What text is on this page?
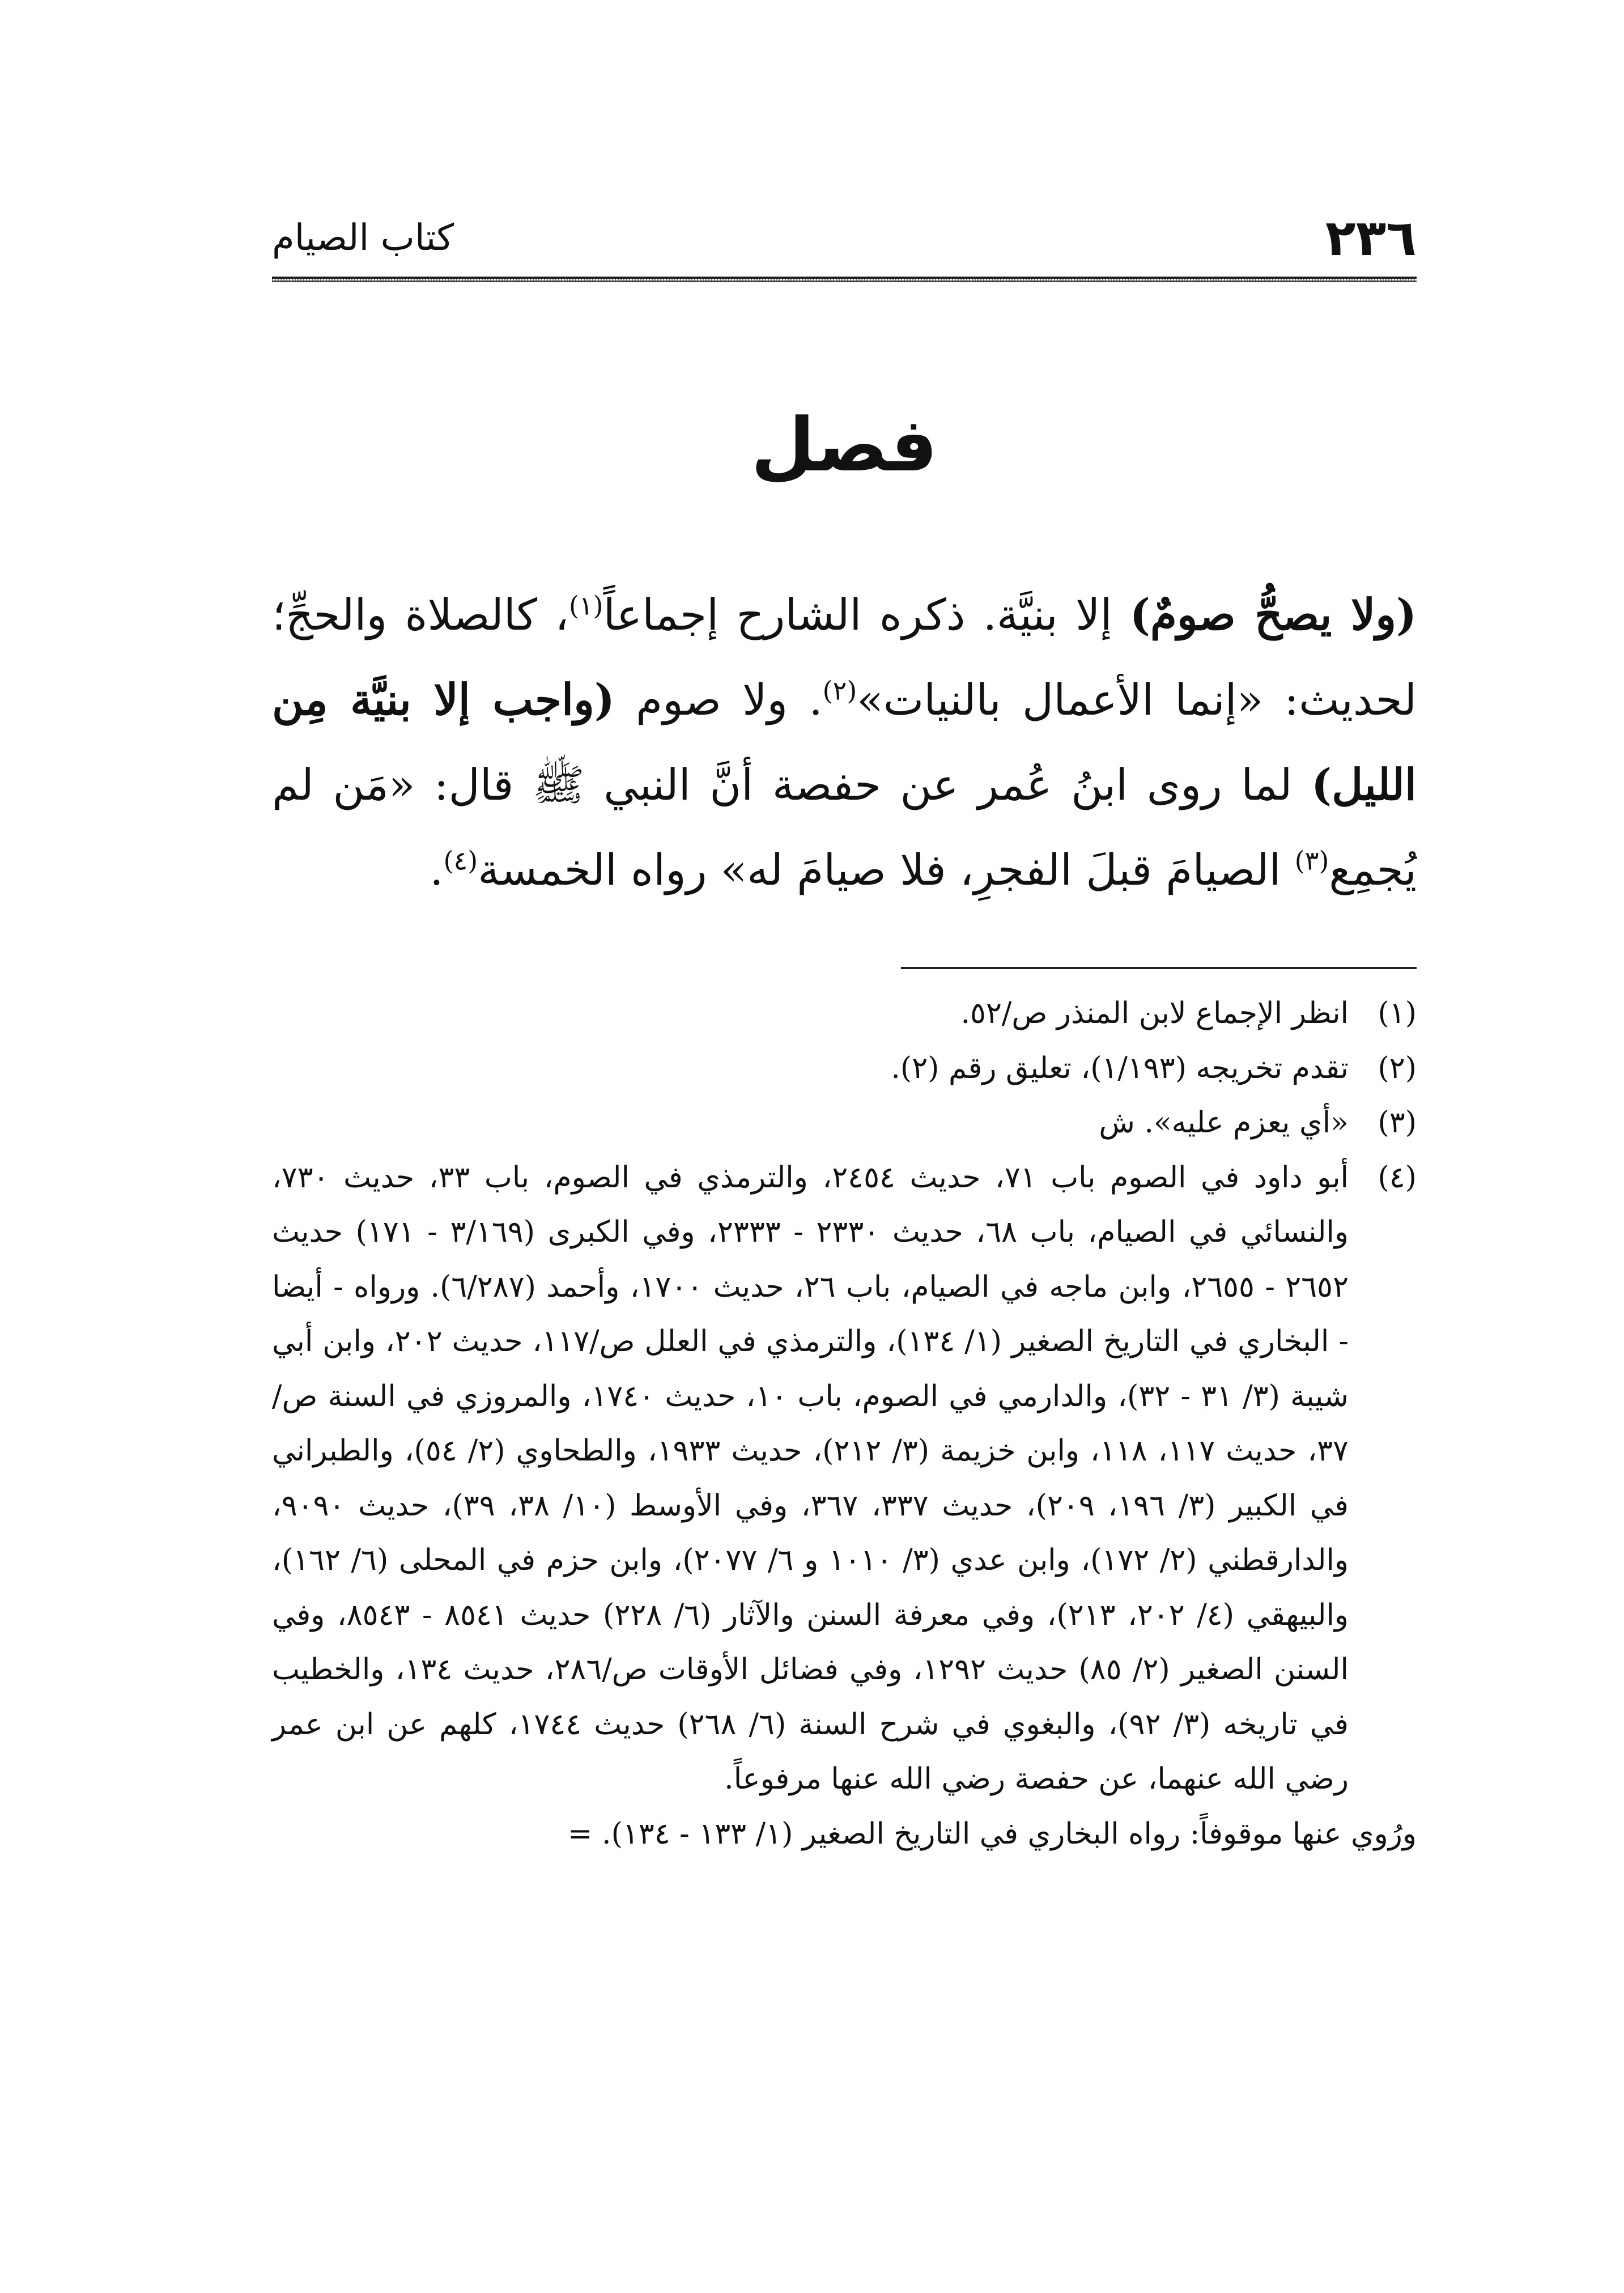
٢٣٦
كتاب الصيام
فصل
(ولا يصحُّ صومٌ) إلا بنيَّة. ذكره الشارح إجماعاً$^{(١)}$، كالصلاة والحجِّ؛ لحديث: «إنما الأعمال بالنيات»$^{(٢)}$. ولا صوم (واجب إلا بنيَّة مِن الليل) لما روى ابنُ عُمر عن حفصة أنَّ النبي ﷺ قال: «مَن لم يُجمِع$^{(٣)}$ الصيامَ قبلَ الفجرِ، فلا صيامَ له» رواه الخمسة$^{(٤)}$.
(١)
انظر الإجماع لابن المنذر ص/٥٢.
(٢)
تقدم تخريجه (١/١٩٣)، تعليق رقم (٢).
(٣)
«أي يعزم عليه». ش
(٤)
أبو داود في الصوم باب ٧١، حديث ٢٤٥٤، والترمذي في الصوم، باب ٣٣، حديث ٧٣٠، والنسائي في الصيام، باب ٦٨، حديث ٢٣٣٠ - ٢٣٣٣، وفي الكبرى (٣/١٦٩ - ١٧١) حديث ٢٦٥٢ - ٢٦٥٥، وابن ماجه في الصيام، باب ٢٦، حديث ١٧٠٠، وأحمد (٦/٢٨٧). ورواه - أيضا - البخاري في التاريخ الصغير (١/ ١٣٤)، والترمذي في العلل ص/١١٧، حديث ٢٠٢، وابن أبي شيبة (٣/ ٣١ - ٣٢)، والدارمي في الصوم، باب ١٠، حديث ١٧٤٠، والمروزي في السنة ص/٣٧، حديث ١١٧، ١١٨، وابن خزيمة (٣/ ٢١٢)، حديث ١٩٣٣، والطحاوي (٢/ ٥٤)، والطبراني في الكبير (٣/ ١٩٦، ٢٠٩)، حديث ٣٣٧، ٣٦٧، وفي الأوسط (١٠/ ٣٨، ٣٩)، حديث ٩٠٩٠، والدارقطني (٢/ ١٧٢)، وابن عدي (٣/ ١٠١٠ و ٦/ ٢٠٧٧)، وابن حزم في المحلى (٦/ ١٦٢)، والبيهقي (٤/ ٢٠٢، ٢١٣)، وفي معرفة السنن والآثار (٦/ ٢٢٨) حديث ٨٥٤١ - ٨٥٤٣، وفي السنن الصغير (٢/ ٨٥) حديث ١٢٩٢، وفي فضائل الأوقات ص/٢٨٦، حديث ١٣٤، والخطيب في تاريخه (٣/ ٩٢)، والبغوي في شرح السنة (٦/ ٢٦٨) حديث ١٧٤٤، كلهم عن ابن عمر رضي الله عنهما، عن حفصة رضي الله عنها مرفوعاً.
ورُوي عنها موقوفاً: رواه البخاري في التاريخ الصغير (١/ ١٣٣ - ١٣٤). =
